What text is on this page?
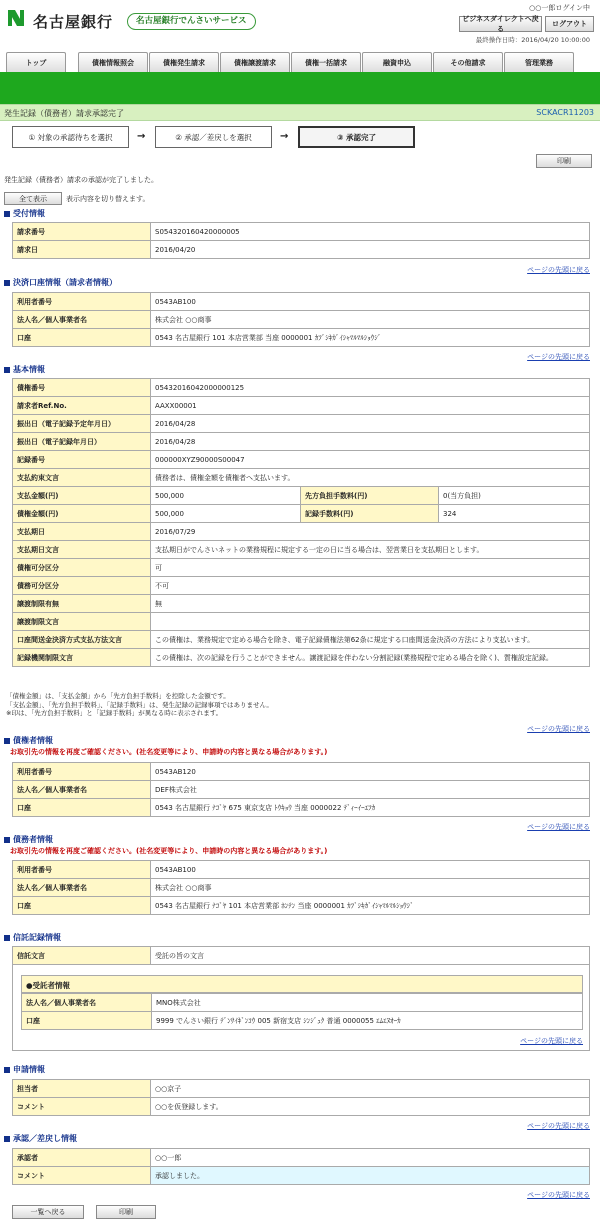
名古屋銀行	名古屋銀行でんさいサービス
○○一郎ログイン中
ビジネスダイレクトへ戻る
ログアウト
最終操作日時：2016/04/20 10:00:00
トップ	債権情報照会	債権発生請求	債権譲渡請求	債権一括請求	融資申込	その他請求	管理業務
発生記録（債務者）請求承認完了	SCKACR11203
① 対象の承認待ちを選択	→	② 承認／差戻しを選択	→	③ 承認完了
印刷
発生記録（債務者）請求の承認が完了しました。
全て表示	表示内容を切り替えます。
受付情報
請求番号	S054320160420000005
請求日	2016/04/20
ページの先頭に戻る
決済口座情報（請求者情報）
利用者番号	0543AB100
法人名／個人事業者名	株式会社 ○○商事
口座	0543 名古屋銀行 101 本店営業部 当座 0000001 ｶﾌﾞｼｷｶﾞｲｼｬﾏﾙﾏﾙｼｮｳｼﾞ
ページの先頭に戻る
基本情報
債権番号	05432016042000000125		
請求者Ref.No.	AAXX00001		
振出日（電子記録予定年月日）	2016/04/28		
振出日（電子記録年月日）	2016/04/28		
記録番号	000000XYZ90000S00047		
支払約束文言	債務者は、債権金額を債権者へ支払います。		
支払金額(円)	500,000	先方負担手数料(円)	0(当方負担)
債権金額(円)	500,000	記録手数料(円)	324
支払期日	2016/07/29		
支払期日文言	支払期日がでんさいネットの業務規程に規定する一定の日に当る場合は、翌営業日を支払期日とします。		
債権可分区分	可		
債務可分区分	不可		
譲渡制限有無	無		
譲渡制限文言			
口座間送金決済方式支払方法文言	この債権は、業務規定で定める場合を除き、電子記録債権法第62条に規定する口座間送金決済の方法により支払います。		
記録機関制限文言	この債権は、次の記録を行うことができません。譲渡記録を伴わない分割記録(業務規程で定める場合を除く)、質権設定記録。		
「債権金額」は、「支払金額」から「先方負担手数料」を控除した金額です。
「支払金額」、「先方負担手数料」、「記録手数料」は、発生記録の記録事項ではありません。
※印は、「先方負担手数料」と「記録手数料」が異なる時に表示されます。
ページの先頭に戻る
債権者情報
お取引先の情報を再度ご確認ください。(社名変更等により、申請時の内容と異なる場合があります。)
利用者番号	0543AB120
法人名／個人事業者名	DEF株式会社
口座	0543 名古屋銀行 ﾅｺﾞﾔ 675 東京支店 ﾄｳｷｮｳ 当座 0000022 ﾃﾞｨｰｲｰｴﾌｶ
ページの先頭に戻る
債務者情報
お取引先の情報を再度ご確認ください。(社名変更等により、申請時の内容と異なる場合があります。)
利用者番号	0543AB100
法人名／個人事業者名	株式会社 ○○商事
口座	0543 名古屋銀行 ﾅｺﾞﾔ 101 本店営業部 ﾎﾝﾃﾝ 当座 0000001 ｶﾌﾞｼｷｶﾞｲｼｬﾏﾙﾏﾙｼｮｳｼﾞ
信託記録情報
信託文言	受託の旨の文言
●受託者情報
法人名／個人事業者名	MNO株式会社
口座	9999 でんさい銀行 ﾃﾞﾝｻｲｷﾞﾝｺｳ 005 新宿支店 ｼﾝｼﾞｭｸ 普通 0000055 ｴﾑｴﾇｵｰｶ
ページの先頭に戻る
申請情報
担当者	○○京子
コメント	○○を仮登録します。
ページの先頭に戻る
承認／差戻し情報
承認者	○○一郎
コメント	承認しました。
ページの先頭に戻る
一覧へ戻る	印刷
